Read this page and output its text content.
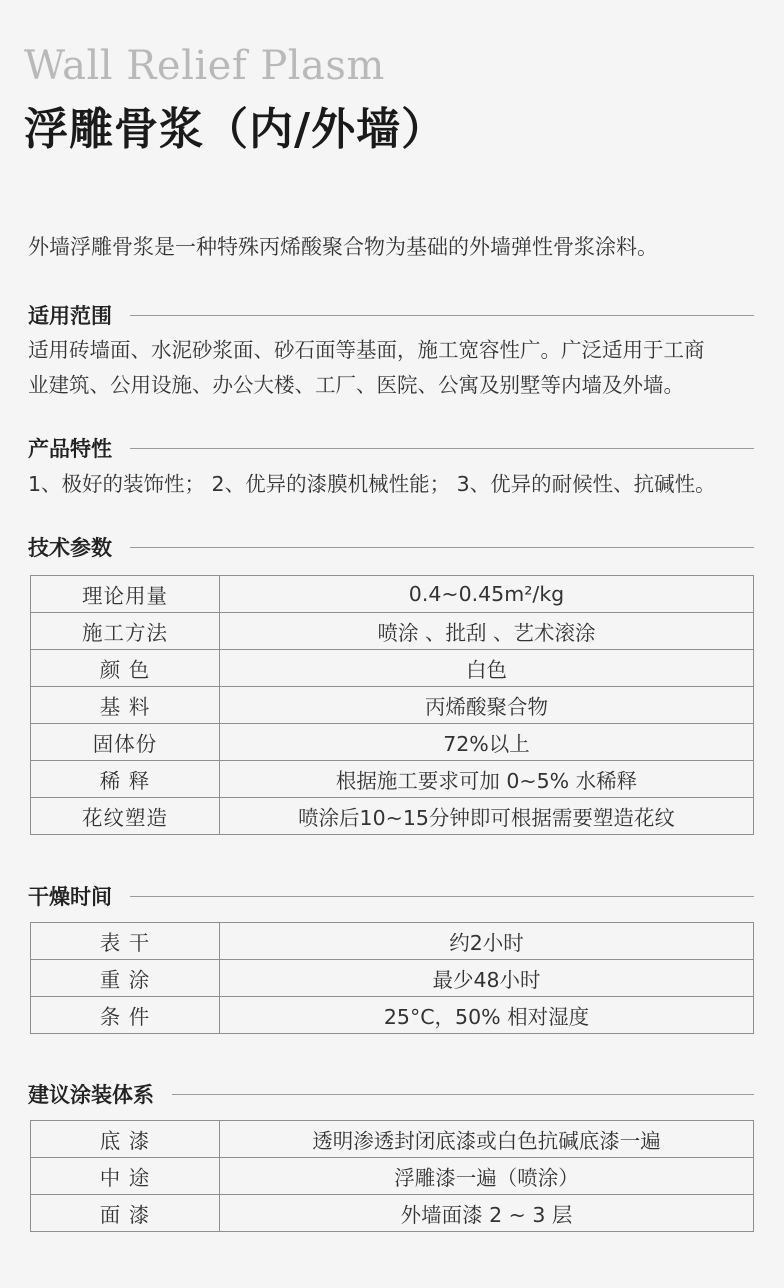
Wall Relief Plasm
浮雕骨浆（内/外墙）
外墙浮雕骨浆是一种特殊丙烯酸聚合物为基础的外墙弹性骨浆涂料。
适用范围
适用砖墙面、水泥砂浆面、砂石面等基面，施工宽容性广。广泛适用于工商
业建筑、公用设施、办公大楼、工厂、医院、公寓及别墅等内墙及外墙。
产品特性
1、极好的装饰性； 2、优异的漆膜机械性能； 3、优异的耐候性、抗碱性。
技术参数
理论用量	0.4~0.45m²/kg
施工方法	喷涂 、批刮 、艺术滚涂
颜 色	白色
基 料	丙烯酸聚合物
固体份	72%以上
稀 释	根据施工要求可加 0~5% 水稀释
花纹塑造	喷涂后10~15分钟即可根据需要塑造花纹
干燥时间
表 干	约2小时
重 涂	最少48小时
条 件	25°C，50% 相对湿度
建议涂装体系
底 漆	透明渗透封闭底漆或白色抗碱底漆一遍
中 途	浮雕漆一遍（喷涂）
面 漆	外墙面漆 2 ~ 3 层
